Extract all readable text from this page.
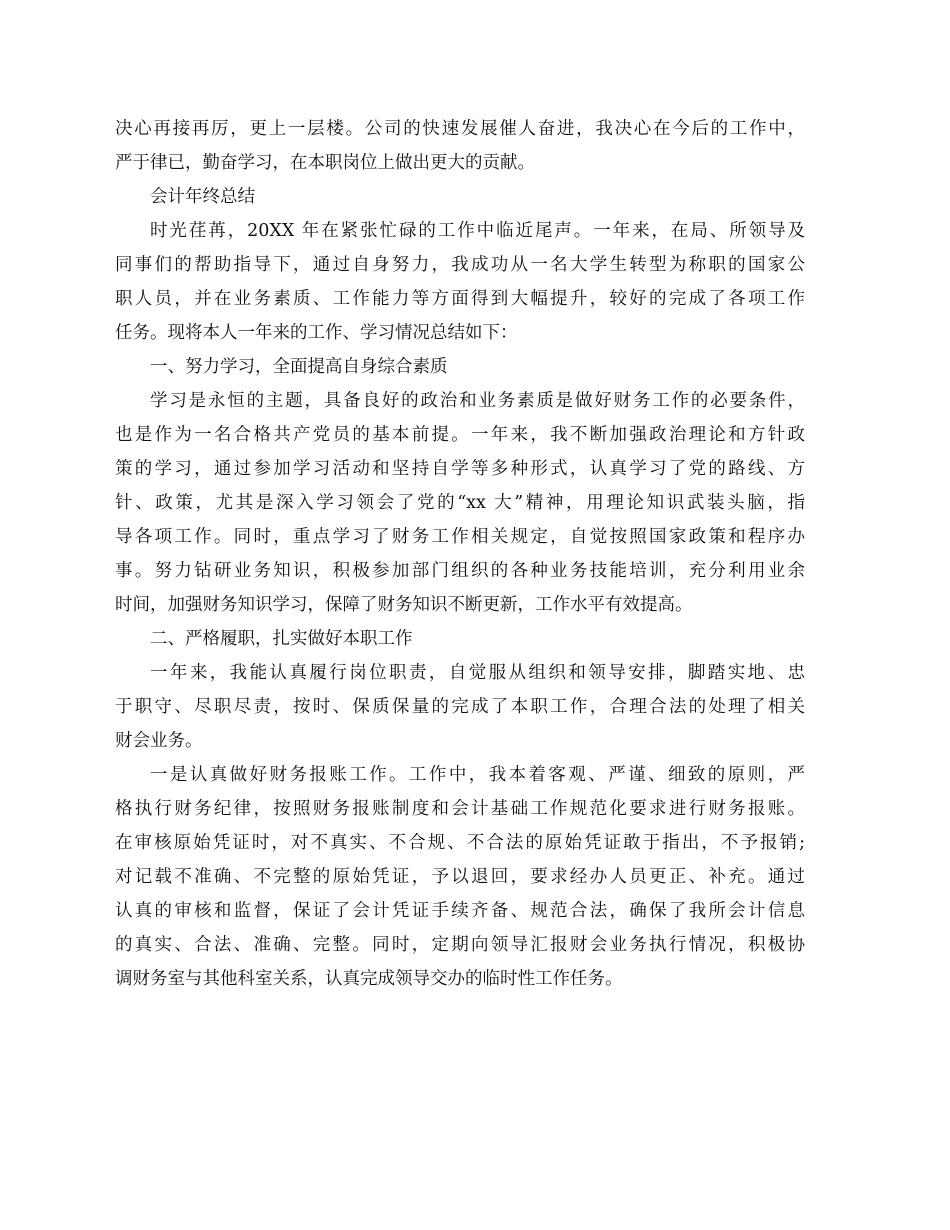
决心再接再厉，更上一层楼。公司的快速发展催人奋进，我决心在今后的工作中，
严于律已，勤奋学习，在本职岗位上做出更大的贡献。
会计年终总结
时光荏苒，20XX 年在紧张忙碌的工作中临近尾声。一年来，在局、所领导及
同事们的帮助指导下，通过自身努力，我成功从一名大学生转型为称职的国家公
职人员，并在业务素质、工作能力等方面得到大幅提升，较好的完成了各项工作
任务。现将本人一年来的工作、学习情况总结如下：
一、努力学习，全面提高自身综合素质
学习是永恒的主题，具备良好的政治和业务素质是做好财务工作的必要条件，
也是作为一名合格共产党员的基本前提。一年来，我不断加强政治理论和方针政
策的学习，通过参加学习活动和坚持自学等多种形式，认真学习了党的路线、方
针、政策，尤其是深入学习领会了党的“xx 大”精神，用理论知识武装头脑，指
导各项工作。同时，重点学习了财务工作相关规定，自觉按照国家政策和程序办
事。努力钻研业务知识，积极参加部门组织的各种业务技能培训，充分利用业余
时间，加强财务知识学习，保障了财务知识不断更新，工作水平有效提高。
二、严格履职，扎实做好本职工作
一年来，我能认真履行岗位职责，自觉服从组织和领导安排，脚踏实地、忠
于职守、尽职尽责，按时、保质保量的完成了本职工作，合理合法的处理了相关
财会业务。
一是认真做好财务报账工作。工作中，我本着客观、严谨、细致的原则，严
格执行财务纪律，按照财务报账制度和会计基础工作规范化要求进行财务报账。
在审核原始凭证时，对不真实、不合规、不合法的原始凭证敢于指出，不予报销;
对记载不准确、不完整的原始凭证，予以退回，要求经办人员更正、补充。通过
认真的审核和监督，保证了会计凭证手续齐备、规范合法，确保了我所会计信息
的真实、合法、准确、完整。同时，定期向领导汇报财会业务执行情况，积极协
调财务室与其他科室关系，认真完成领导交办的临时性工作任务。
